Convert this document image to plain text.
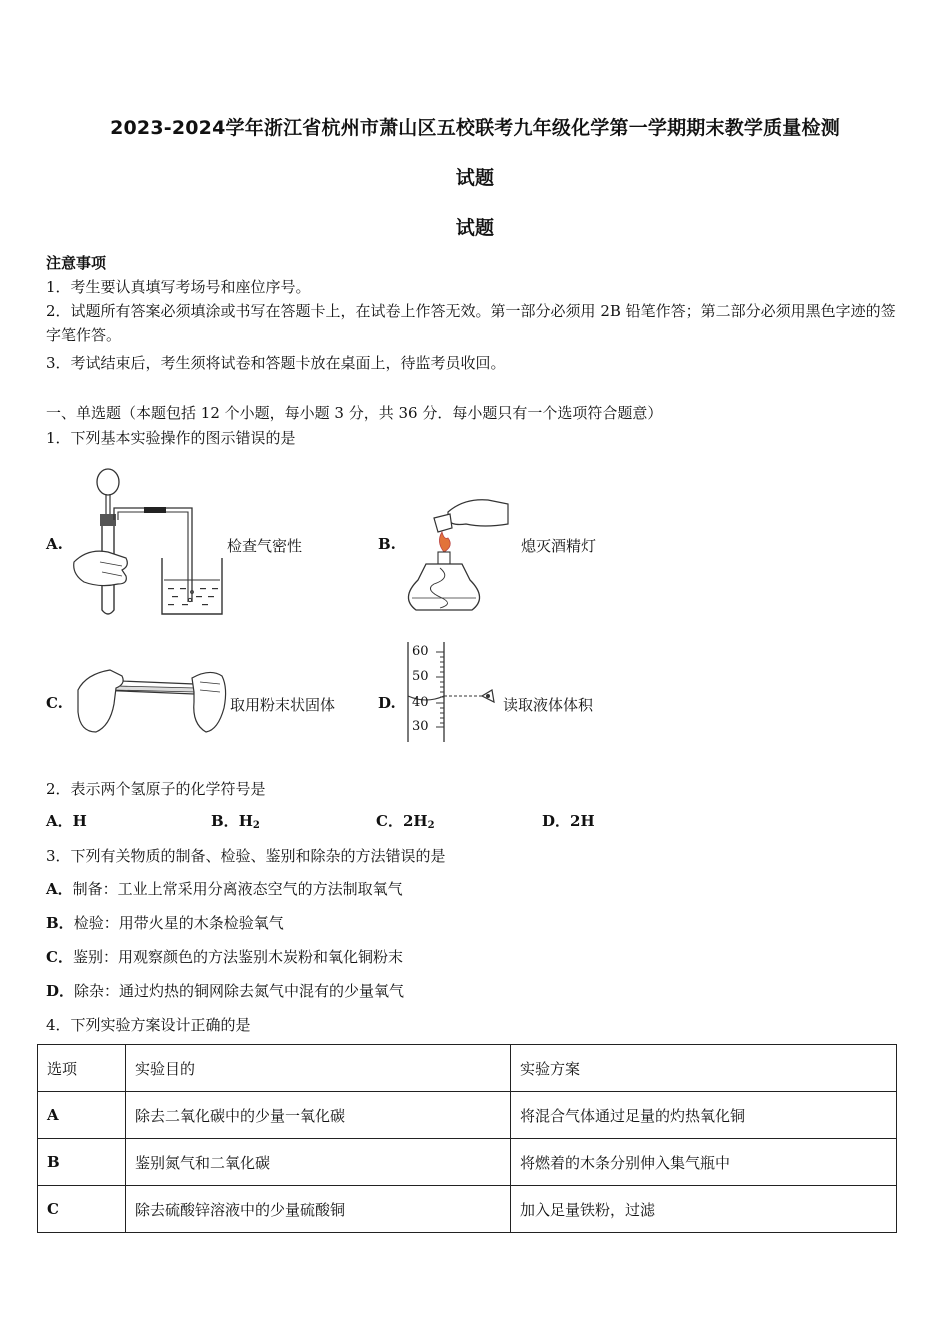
2023-2024学年浙江省杭州市萧山区五校联考九年级化学第一学期期末教学质量检测
试题
试题
注意事项
1．考生要认真填写考场号和座位序号。
2．试题所有答案必须填涂或书写在答题卡上，在试卷上作答无效。第一部分必须用 2B 铅笔作答；第二部分必须用黑色字迹的签字笔作答。
3．考试结束后，考生须将试卷和答题卡放在桌面上，待监考员收回。
一、单选题（本题包括 12 个小题，每小题 3 分，共 36 分．每小题只有一个选项符合题意）
1．下列基本实验操作的图示错误的是
A.	检查气密性	B.	熄灭酒精灯
C.	取用粉末状固体	D.
60
50
40
30
读取液体体积
2．表示两个氢原子的化学符号是
A．H	B．$H_2$	C．$2H_2$	D．2H
3．下列有关物质的制备、检验、鉴别和除杂的方法错误的是
A．制备：工业上常采用分离液态空气的方法制取氧气
B．检验：用带火星的木条检验氧气
C．鉴别：用观察颜色的方法鉴别木炭粉和氧化铜粉末
D．除杂：通过灼热的铜网除去氮气中混有的少量氧气
4．下列实验方案设计正确的是
选项	实验目的	实验方案
A	除去二氧化碳中的少量一氧化碳	将混合气体通过足量的灼热氧化铜
B	鉴别氮气和二氧化碳	将燃着的木条分别伸入集气瓶中
C	除去硫酸锌溶液中的少量硫酸铜	加入足量铁粉，过滤
